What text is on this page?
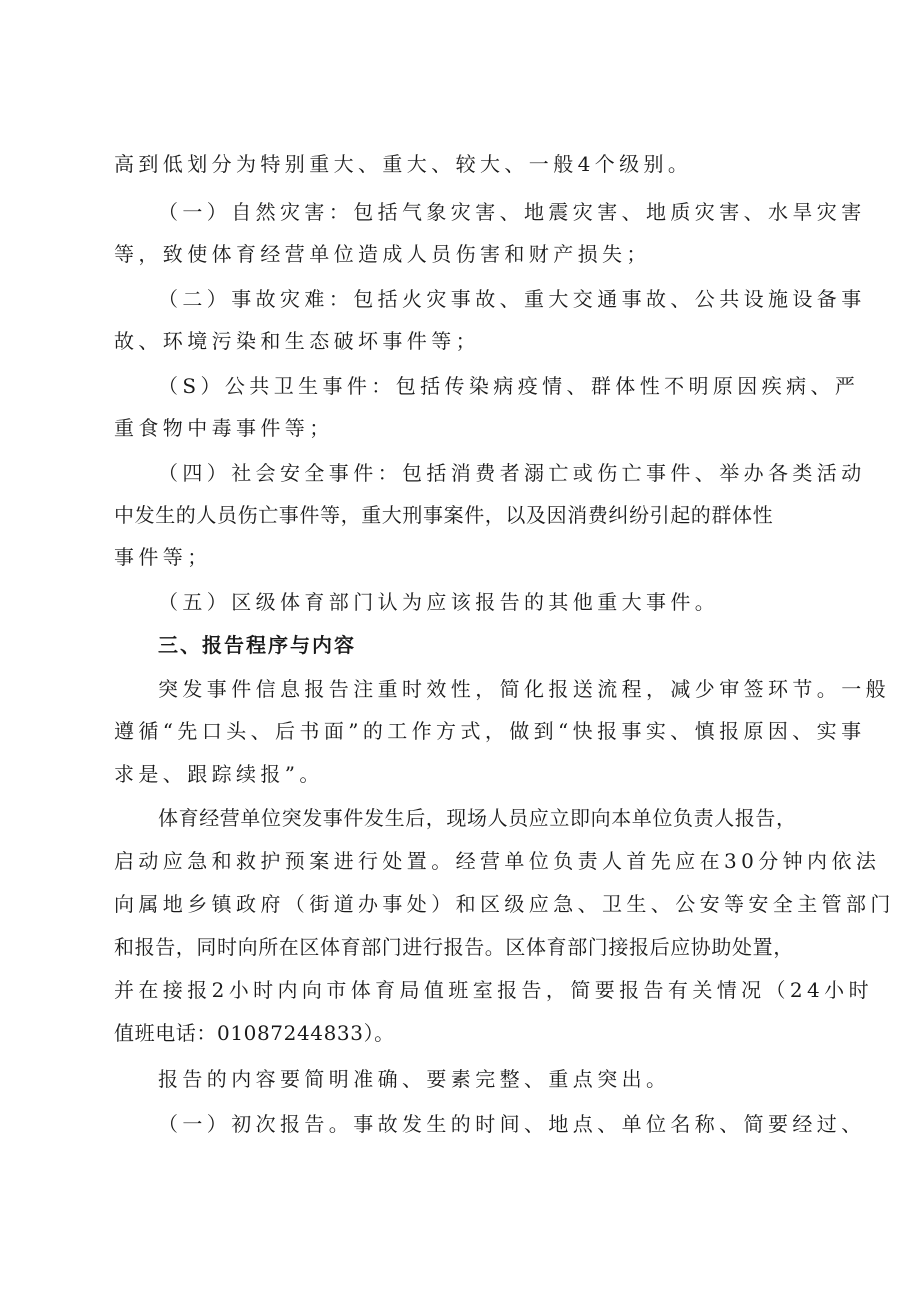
高到低划分为特别重大、重大、较大、一般4个级别。
（一）自然灾害：包括气象灾害、地震灾害、地质灾害、水旱灾害
等，致使体育经营单位造成人员伤害和财产损失；
（二）事故灾难：包括火灾事故、重大交通事故、公共设施设备事
故、环境污染和生态破坏事件等；
（S）公共卫生事件：包括传染病疫情、群体性不明原因疾病、严
重食物中毒事件等；
（四）社会安全事件：包括消费者溺亡或伤亡事件、举办各类活动
中发生的人员伤亡事件等，重大刑事案件，以及因消费纠纷引起的群体性
事件等；
（五）区级体育部门认为应该报告的其他重大事件。
三、报告程序与内容
突发事件信息报告注重时效性，简化报送流程，减少审签环节。一般
遵循“先口头、后书面”的工作方式，做到“快报事实、慎报原因、实事
求是、跟踪续报”。
体育经营单位突发事件发生后，现场人员应立即向本单位负责人报告，
启动应急和救护预案进行处置。经营单位负责人首先应在30分钟内依法
向属地乡镇政府（街道办事处）和区级应急、卫生、公安等安全主管部门
和报告，同时向所在区体育部门进行报告。区体育部门接报后应协助处置，
并在接报2小时内向市体育局值班室报告，简要报告有关情况（24小时
值班电话：01087244833）。
报告的内容要简明准确、要素完整、重点突出。
（一）初次报告。事故发生的时间、地点、单位名称、简要经过、
